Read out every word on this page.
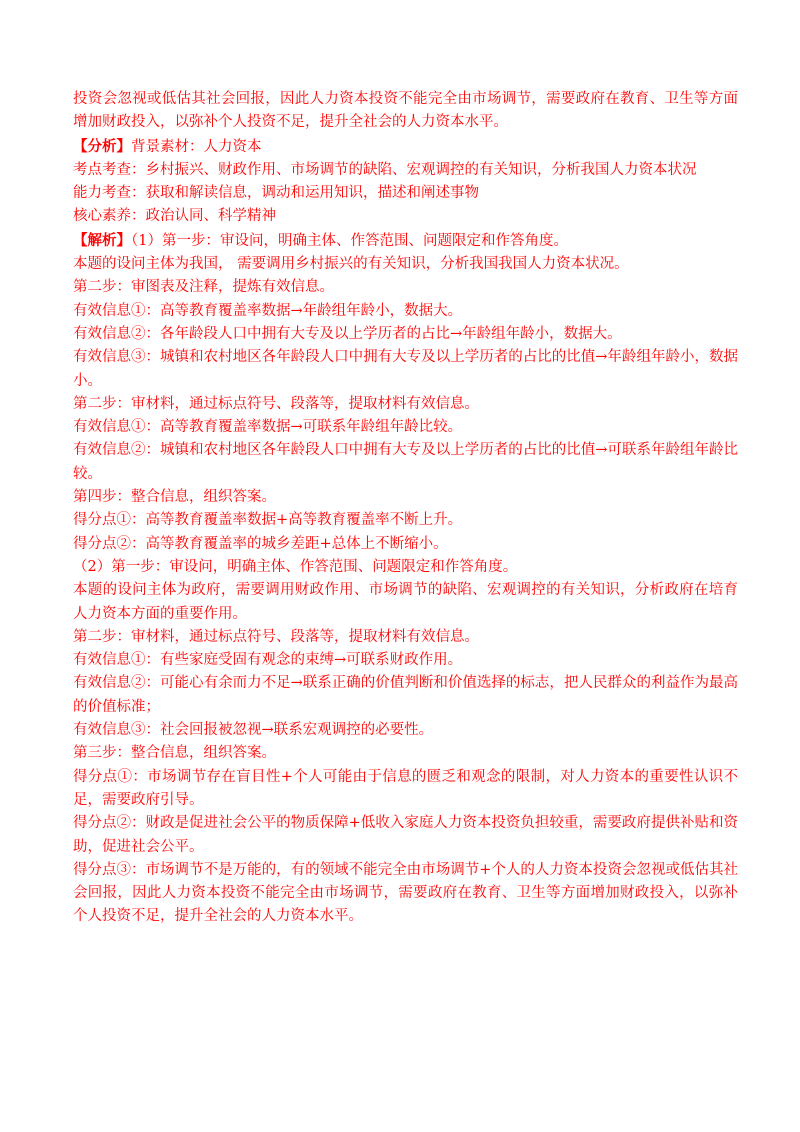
投资会忽视或低估其社会回报，因此人力资本投资不能完全由市场调节，需要政府在教育、卫生等方面增加财政投入，以弥补个人投资不足，提升全社会的人力资本水平。

【分析】背景素材：人力资本

考点考查：乡村振兴、财政作用、市场调节的缺陷、宏观调控的有关知识，分析我国人力资本状况

能力考查：获取和解读信息，调动和运用知识，描述和阐述事物

核心素养：政治认同、科学精神

【解析】（1）第一步：审设问，明确主体、作答范围、问题限定和作答角度。

本题的设问主体为我国， 需要调用乡村振兴的有关知识，分析我国我国人力资本状况。

第二步：审图表及注释，提炼有效信息。

有效信息①：高等教育覆盖率数据→年龄组年龄小，数据大。

有效信息②：各年龄段人口中拥有大专及以上学历者的占比→年龄组年龄小，数据大。

有效信息③：城镇和农村地区各年龄段人口中拥有大专及以上学历者的占比的比值→年龄组年龄小，数据小。

第二步：审材料，通过标点符号、段落等，提取材料有效信息。

有效信息①：高等教育覆盖率数据→可联系年龄组年龄比较。

有效信息②：城镇和农村地区各年龄段人口中拥有大专及以上学历者的占比的比值→可联系年龄组年龄比较。

第四步：整合信息，组织答案。

得分点①：高等教育覆盖率数据+高等教育覆盖率不断上升。

得分点②：高等教育覆盖率的城乡差距+总体上不断缩小。

（2）第一步：审设问，明确主体、作答范围、问题限定和作答角度。

本题的设问主体为政府，需要调用财政作用、市场调节的缺陷、宏观调控的有关知识，分析政府在培育人力资本方面的重要作用。

第二步：审材料，通过标点符号、段落等，提取材料有效信息。

有效信息①：有些家庭受固有观念的束缚→可联系财政作用。

有效信息②：可能心有余而力不足→联系正确的价值判断和价值选择的标志，把人民群众的利益作为最高的价值标准；

有效信息③：社会回报被忽视→联系宏观调控的必要性。

第三步：整合信息，组织答案。

得分点①：市场调节存在盲目性+个人可能由于信息的匮乏和观念的限制，对人力资本的重要性认识不足，需要政府引导。

得分点②：财政是促进社会公平的物质保障+低收入家庭人力资本投资负担较重，需要政府提供补贴和资助，促进社会公平。

得分点③：市场调节不是万能的，有的领域不能完全由市场调节+个人的人力资本投资会忽视或低估其社会回报，因此人力资本投资不能完全由市场调节，需要政府在教育、卫生等方面增加财政投入，以弥补个人投资不足，提升全社会的人力资本水平。
